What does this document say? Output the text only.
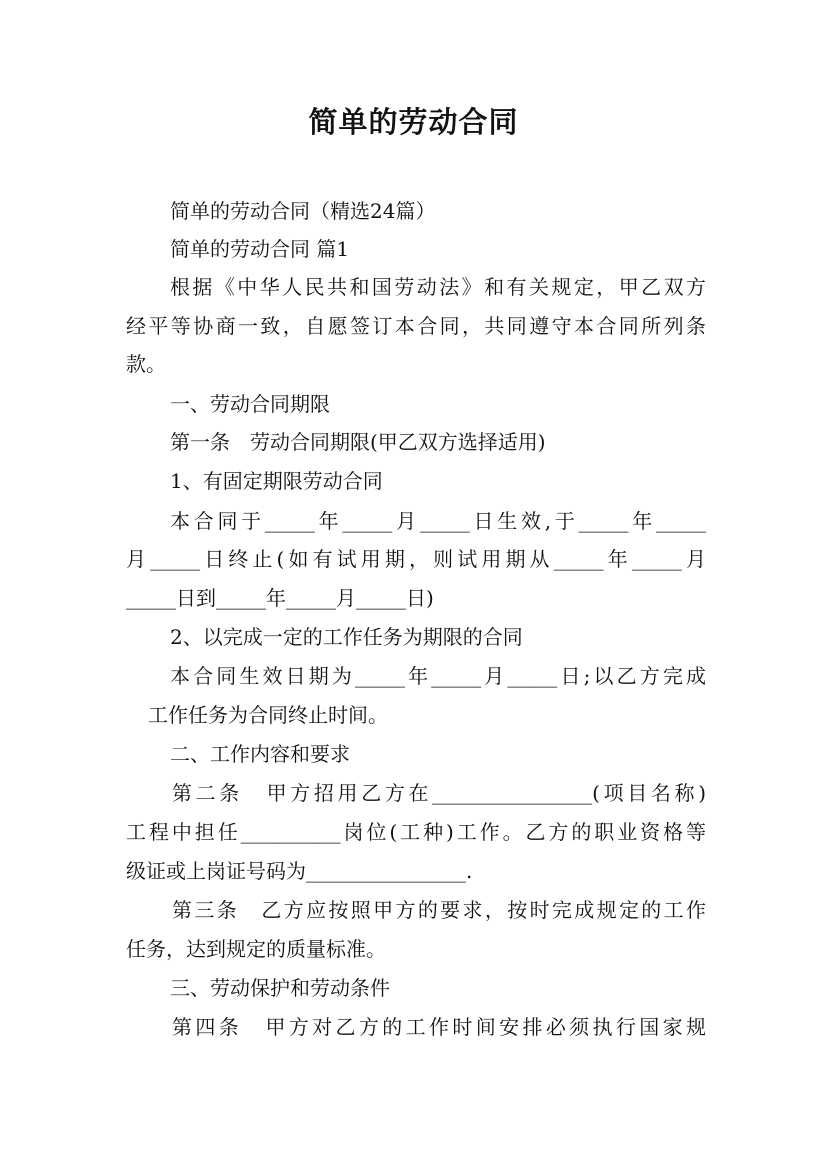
简单的劳动合同
简单的劳动合同（精选24篇）
简单的劳动合同 篇1
根据《中华人民共和国劳动法》和有关规定，甲乙双方
经平等协商一致，自愿签订本合同，共同遵守本合同所列条
款。
一、劳动合同期限
第一条　劳动合同期限(甲乙双方选择适用)
1、有固定期限劳动合同
本合同于_____年_____月_____日生效,于_____年_____
月_____日终止(如有试用期，则试用期从_____年_____月
_____日到_____年_____月_____日)
2、以完成一定的工作任务为期限的合同
本合同生效日期为_____年_____月_____日;以乙方完成
工作任务为合同终止时间。
二、工作内容和要求
第二条　甲方招用乙方在________________(项目名称)
工程中担任__________岗位(工种)工作。乙方的职业资格等
级证或上岗证号码为________________.
第三条　乙方应按照甲方的要求，按时完成规定的工作
任务，达到规定的质量标准。
三、劳动保护和劳动条件
第四条　甲方对乙方的工作时间安排必须执行国家规
